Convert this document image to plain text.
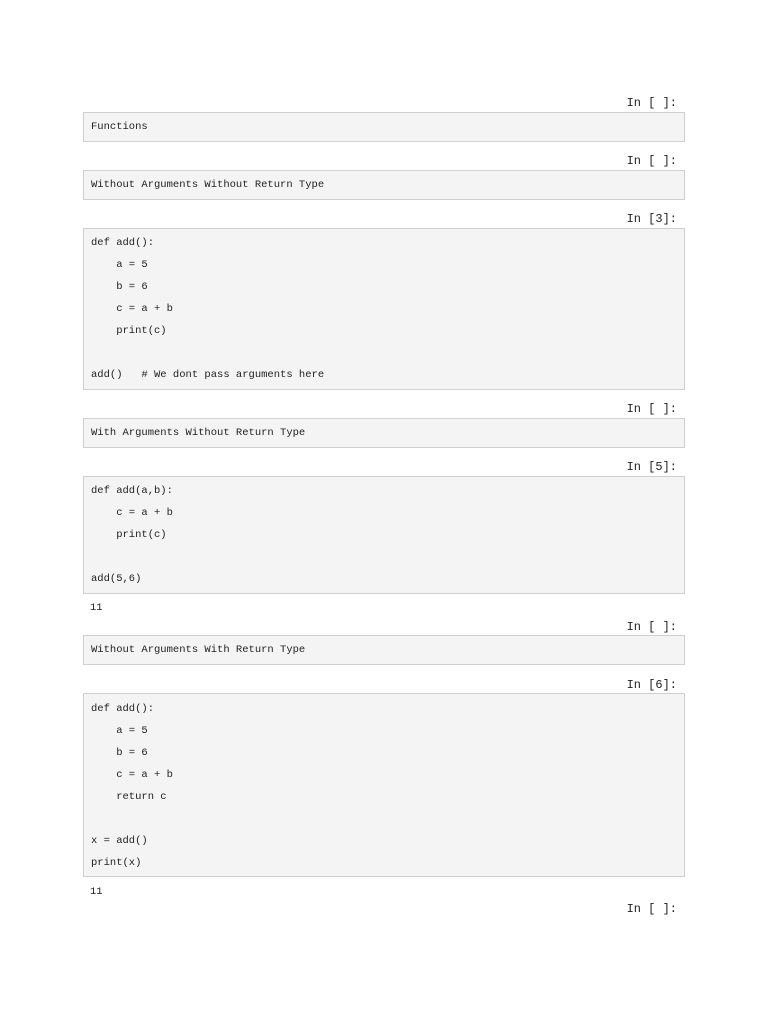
In [ ]:
Functions
In [ ]:
Without Arguments Without Return Type
In [3]:
def add():
a = 5
b = 6
c = a + b
print(c)
add()   # We dont pass arguments here
In [ ]:
With Arguments Without Return Type
In [5]:
def add(a,b):
c = a + b
print(c)
add(5,6)
11
In [ ]:
Without Arguments With Return Type
In [6]:
def add():
a = 5
b = 6
c = a + b
return c
x = add()
print(x)
11
In [ ]:
